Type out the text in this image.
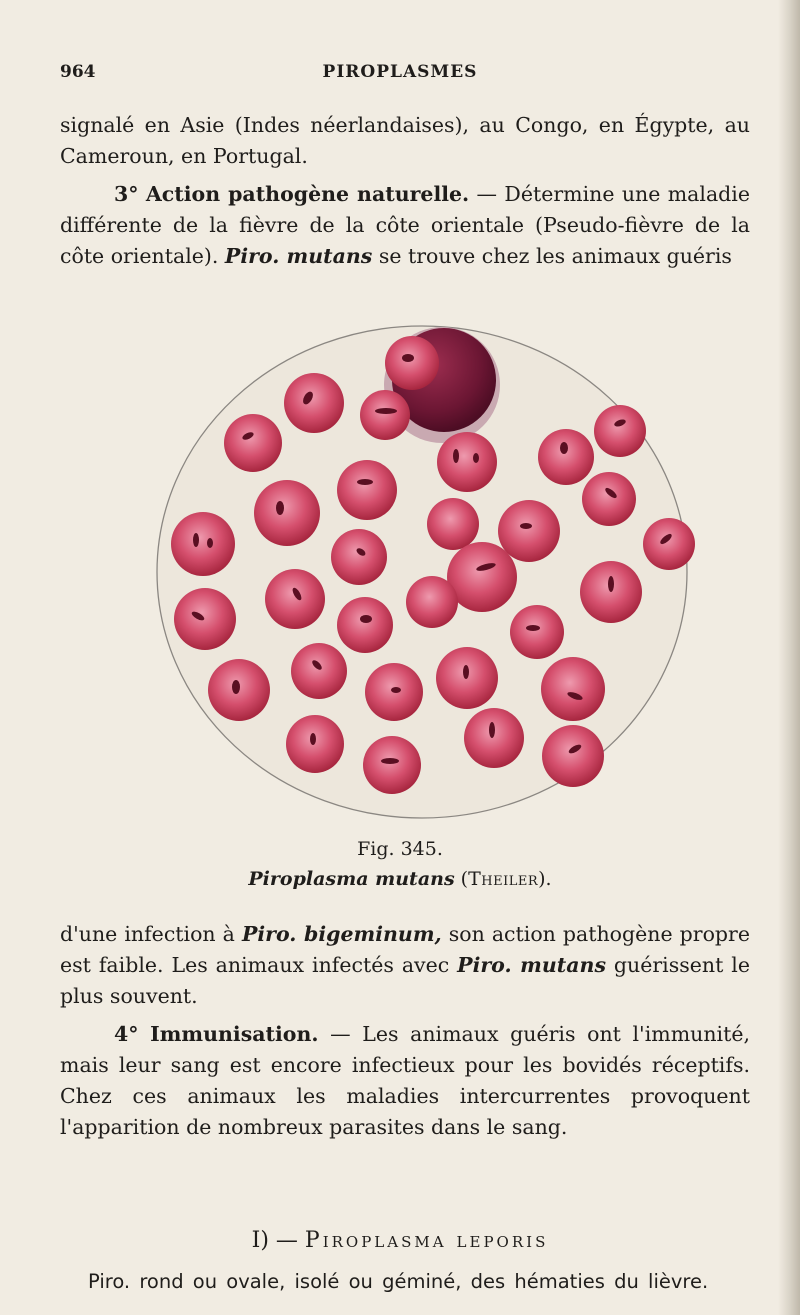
964	PIROPLASMES

signalé en Asie (Indes néerlandaises), au Congo, en Égypte, au Cameroun, en Portugal.

3° Action pathogène naturelle. — Détermine une maladie différente de la fièvre de la côte orientale (Pseudo-fièvre de la côte orientale). Piro. mutans se trouve chez les animaux guéris

Fig. 345.
Piroplasma mutans (Theiler).

d'une infection à Piro. bigeminum, son action pathogène propre est faible. Les animaux infectés avec Piro. mutans guérissent le plus souvent.

4° Immunisation. — Les animaux guéris ont l'immunité, mais leur sang est encore infectieux pour les bovidés réceptifs. Chez ces animaux les maladies intercurrentes provoquent l'apparition de nombreux parasites dans le sang.

I) — Piroplasma leporis

Piro. rond ou ovale, isolé ou géminé, des hématies du lièvre.
